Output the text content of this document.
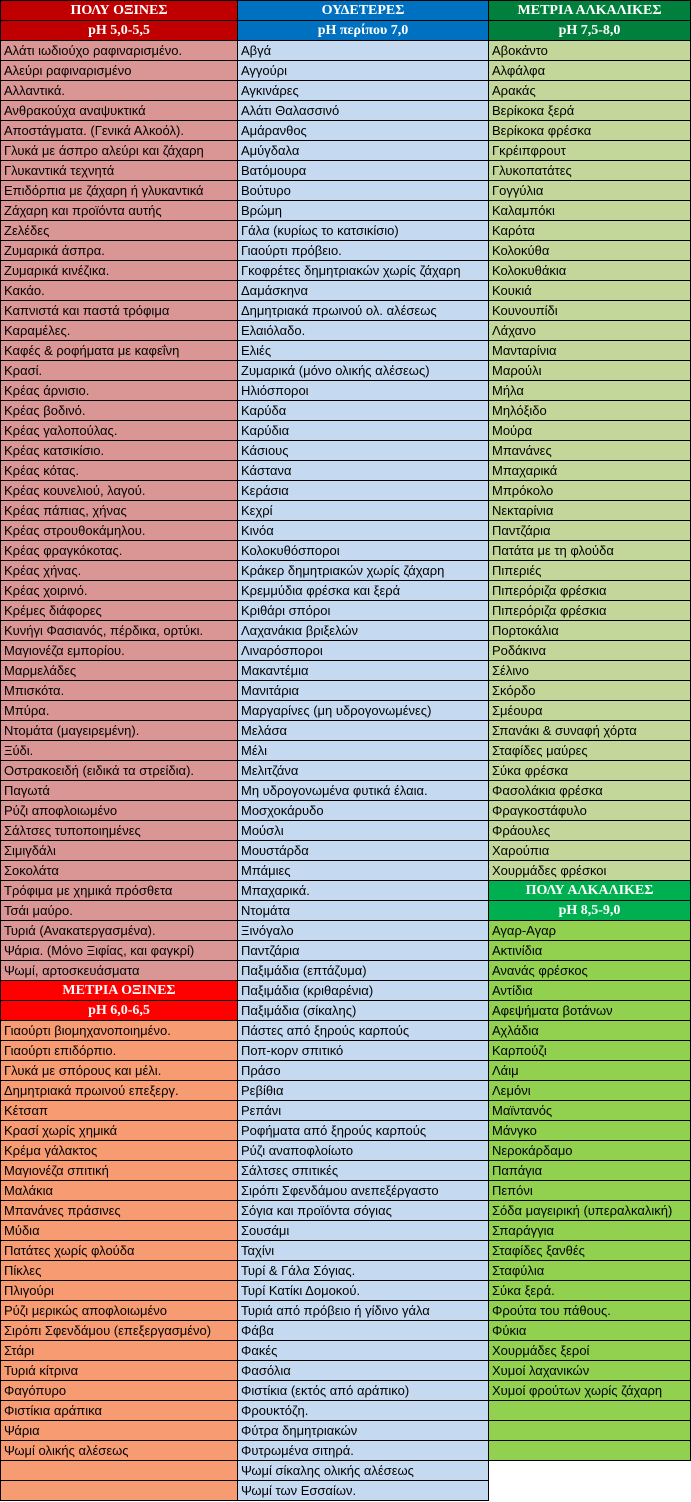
ΠΟΛΥ ΟΞΙΝΕΣ
pH 5,0-5,5
Αλάτι ιωδιούχο ραφιναρισμένο.
Αλεύρι ραφιναρισμένο
Αλλαντικά.
Ανθρακούχα αναψυκτικά
Αποστάγματα. (Γενικά Αλκοόλ).
Γλυκά με άσπρο αλεύρι και ζάχαρη
Γλυκαντικά τεχνητά
Επιδόρπια με ζάχαρη ή γλυκαντικά
Ζάχαρη και προϊόντα αυτής
Ζελέδες
Ζυμαρικά άσπρα.
Ζυμαρικά κινέζικα.
Κακάο.
Καπνιστά και παστά τρόφιμα
Καραμέλες.
Καφές & ροφήματα με καφεΐνη
Κρασί.
Κρέας άρνισιο.
Κρέας βοδινό.
Κρέας γαλοπούλας.
Κρέας κατσικίσιο.
Κρέας κότας.
Κρέας κουνελιού, λαγού.
Κρέας πάπιας, χήνας
Κρέας στρουθοκάμηλου.
Κρέας φραγκόκοτας.
Κρέας χήνας.
Κρέας χοιρινό.
Κρέμες διάφορες
Κυνήγι Φασιανός, πέρδικα, ορτύκι.
Μαγιονέζα εμπορίου.
Μαρμελάδες
Μπισκότα.
Μπύρα.
Ντομάτα (μαγειρεμένη).
Ξύδι.
Οστρακοειδή (ειδικά τα στρείδια).
Παγωτά
Ρύζι αποφλοιωμένο
Σάλτσες τυποποιημένες
Σιμιγδάλι
Σοκολάτα
Τρόφιμα με χημικά πρόσθετα
Τσάι μαύρο.
Τυριά (Ανακατεργασμένα).
Ψάρια. (Μόνο Ξιφίας, και φαγκρί)
Ψωμί, αρτοσκευάσματα
ΜΕΤΡΙΑ ΟΞΙΝΕΣ
pH 6,0-6,5
Γιαούρτι βιομηχανοποιημένο.
Γιαούρτι επιδόρπιο.
Γλυκά με σπόρους και μέλι.
Δημητριακά πρωινού επεξεργ.
Κέτσαπ
Κρασί χωρίς χημικά
Κρέμα γάλακτος
Μαγιονέζα σπιτική
Μαλάκια
Μπανάνες πράσινες
Μύδια
Πατάτες χωρίς φλούδα
Πίκλες
Πλιγούρι
Ρύζι μερικώς αποφλοιωμένο
Σιρόπι Σφενδάμου (επεξεργασμένο)
Στάρι
Τυριά κίτρινα
Φαγόπυρο
Φιστίκια αράπικα
Ψάρια
Ψωμί ολικής αλέσεως
ΟΥΔΕΤΕΡΕΣ
pH περίπου 7,0
Αβγά
Αγγούρι
Αγκινάρες
Αλάτι Θαλασσινό
Αμάρανθος
Αμύγδαλα
Βατόμουρα
Βούτυρο
Βρώμη
Γάλα (κυρίως το κατσικίσιο)
Γιαούρτι πρόβειο.
Γκοφρέτες δημητριακών χωρίς ζάχαρη
Δαμάσκηνα
Δημητριακά πρωινού ολ. αλέσεως
Ελαιόλαδο.
Ελιές
Ζυμαρικά (μόνο ολικής αλέσεως)
Ηλιόσποροι
Καρύδα
Καρύδια
Κάσιους
Κάστανα
Κεράσια
Κεχρί
Κινόα
Κολοκυθόσποροι
Κράκερ δημητριακών χωρίς ζάχαρη
Κρεμμύδια φρέσκα και ξερά
Κριθάρι σπόροι
Λαχανάκια βριξελών
Λιναρόσποροι
Μακαντέμια
Μανιτάρια
Μαργαρίνες (μη υδρογονωμένες)
Μελάσα
Μέλι
Μελιτζάνα
Μη υδρογονωμένα φυτικά έλαια.
Μοσχοκάρυδο
Μούσλι
Μουστάρδα
Μπάμιες
Μπαχαρικά.
Ντομάτα
Ξινόγαλο
Παντζάρια
Παξιμάδια (επτάζυμα)
Παξιμάδια (κριθαρένια)
Παξιμάδια (σίκαλης)
Πάστες από ξηρούς καρπούς
Ποπ-κορν σπιτικό
Πράσο
Ρεβίθια
Ρεπάνι
Ροφήματα από ξηρούς καρπούς
Ρύζι αναποφλοίωτο
Σάλτσες σπιτικές
Σιρόπι Σφενδάμου ανεπεξέργαστο
Σόγια και προϊόντα σόγιας
Σουσάμι
Ταχίνι
Τυρί & Γάλα Σόγιας.
Τυρί Κατίκι Δομοκού.
Τυριά από πρόβειο ή γίδινο γάλα
Φάβα
Φακές
Φασόλια
Φιστίκια (εκτός από αράπικο)
Φρουκτόζη.
Φύτρα δημητριακών
Φυτρωμένα σιτηρά.
Ψωμί σίκαλης ολικής αλέσεως
Ψωμί των Εσσαίων.
ΜΕΤΡΙΑ ΑΛΚΑΛΙΚΕΣ
pH 7,5-8,0
Αβοκάντο
Αλφάλφα
Αρακάς
Βερίκοκα ξερά
Βερίκοκα φρέσκα
Γκρέιπφρουτ
Γλυκοπατάτες
Γογγύλια
Καλαμπόκι
Καρότα
Κολοκύθα
Κολοκυθάκια
Κουκιά
Κουνουπίδι
Λάχανο
Μανταρίνια
Μαρούλι
Μήλα
Μηλόξιδο
Μούρα
Μπανάνες
Μπαχαρικά
Μπρόκολο
Νεκταρίνια
Παντζάρια
Πατάτα με τη φλούδα
Πιπεριές
Πιπερόριζα φρέσκια
Πιπερόριζα φρέσκια
Πορτοκάλια
Ροδάκινα
Σέλινο
Σκόρδο
Σμέουρα
Σπανάκι & συναφή χόρτα
Σταφίδες μαύρες
Σύκα φρέσκα
Φασολάκια φρέσκα
Φραγκοστάφυλο
Φράουλες
Χαρούπια
Χουρμάδες φρέσκοι
ΠΟΛΥ ΑΛΚΑΛΙΚΕΣ
pH 8,5-9,0
Αγαρ-Αγαρ
Ακτινίδια
Ανανάς φρέσκος
Αντίδια
Αφεψήματα βοτάνων
Αχλάδια
Καρπούζι
Λάιμ
Λεμόνι
Μαϊντανός
Μάνγκο
Νεροκάρδαμο
Παπάγια
Πεπόνι
Σόδα μαγειρική (υπεραλκαλική)
Σπαράγγια
Σταφίδες ξανθές
Σταφύλια
Σύκα ξερά.
Φρούτα του πάθους.
Φύκια
Χουρμάδες ξεροί
Χυμοί λαχανικών
Χυμοί φρούτων χωρίς ζάχαρη
